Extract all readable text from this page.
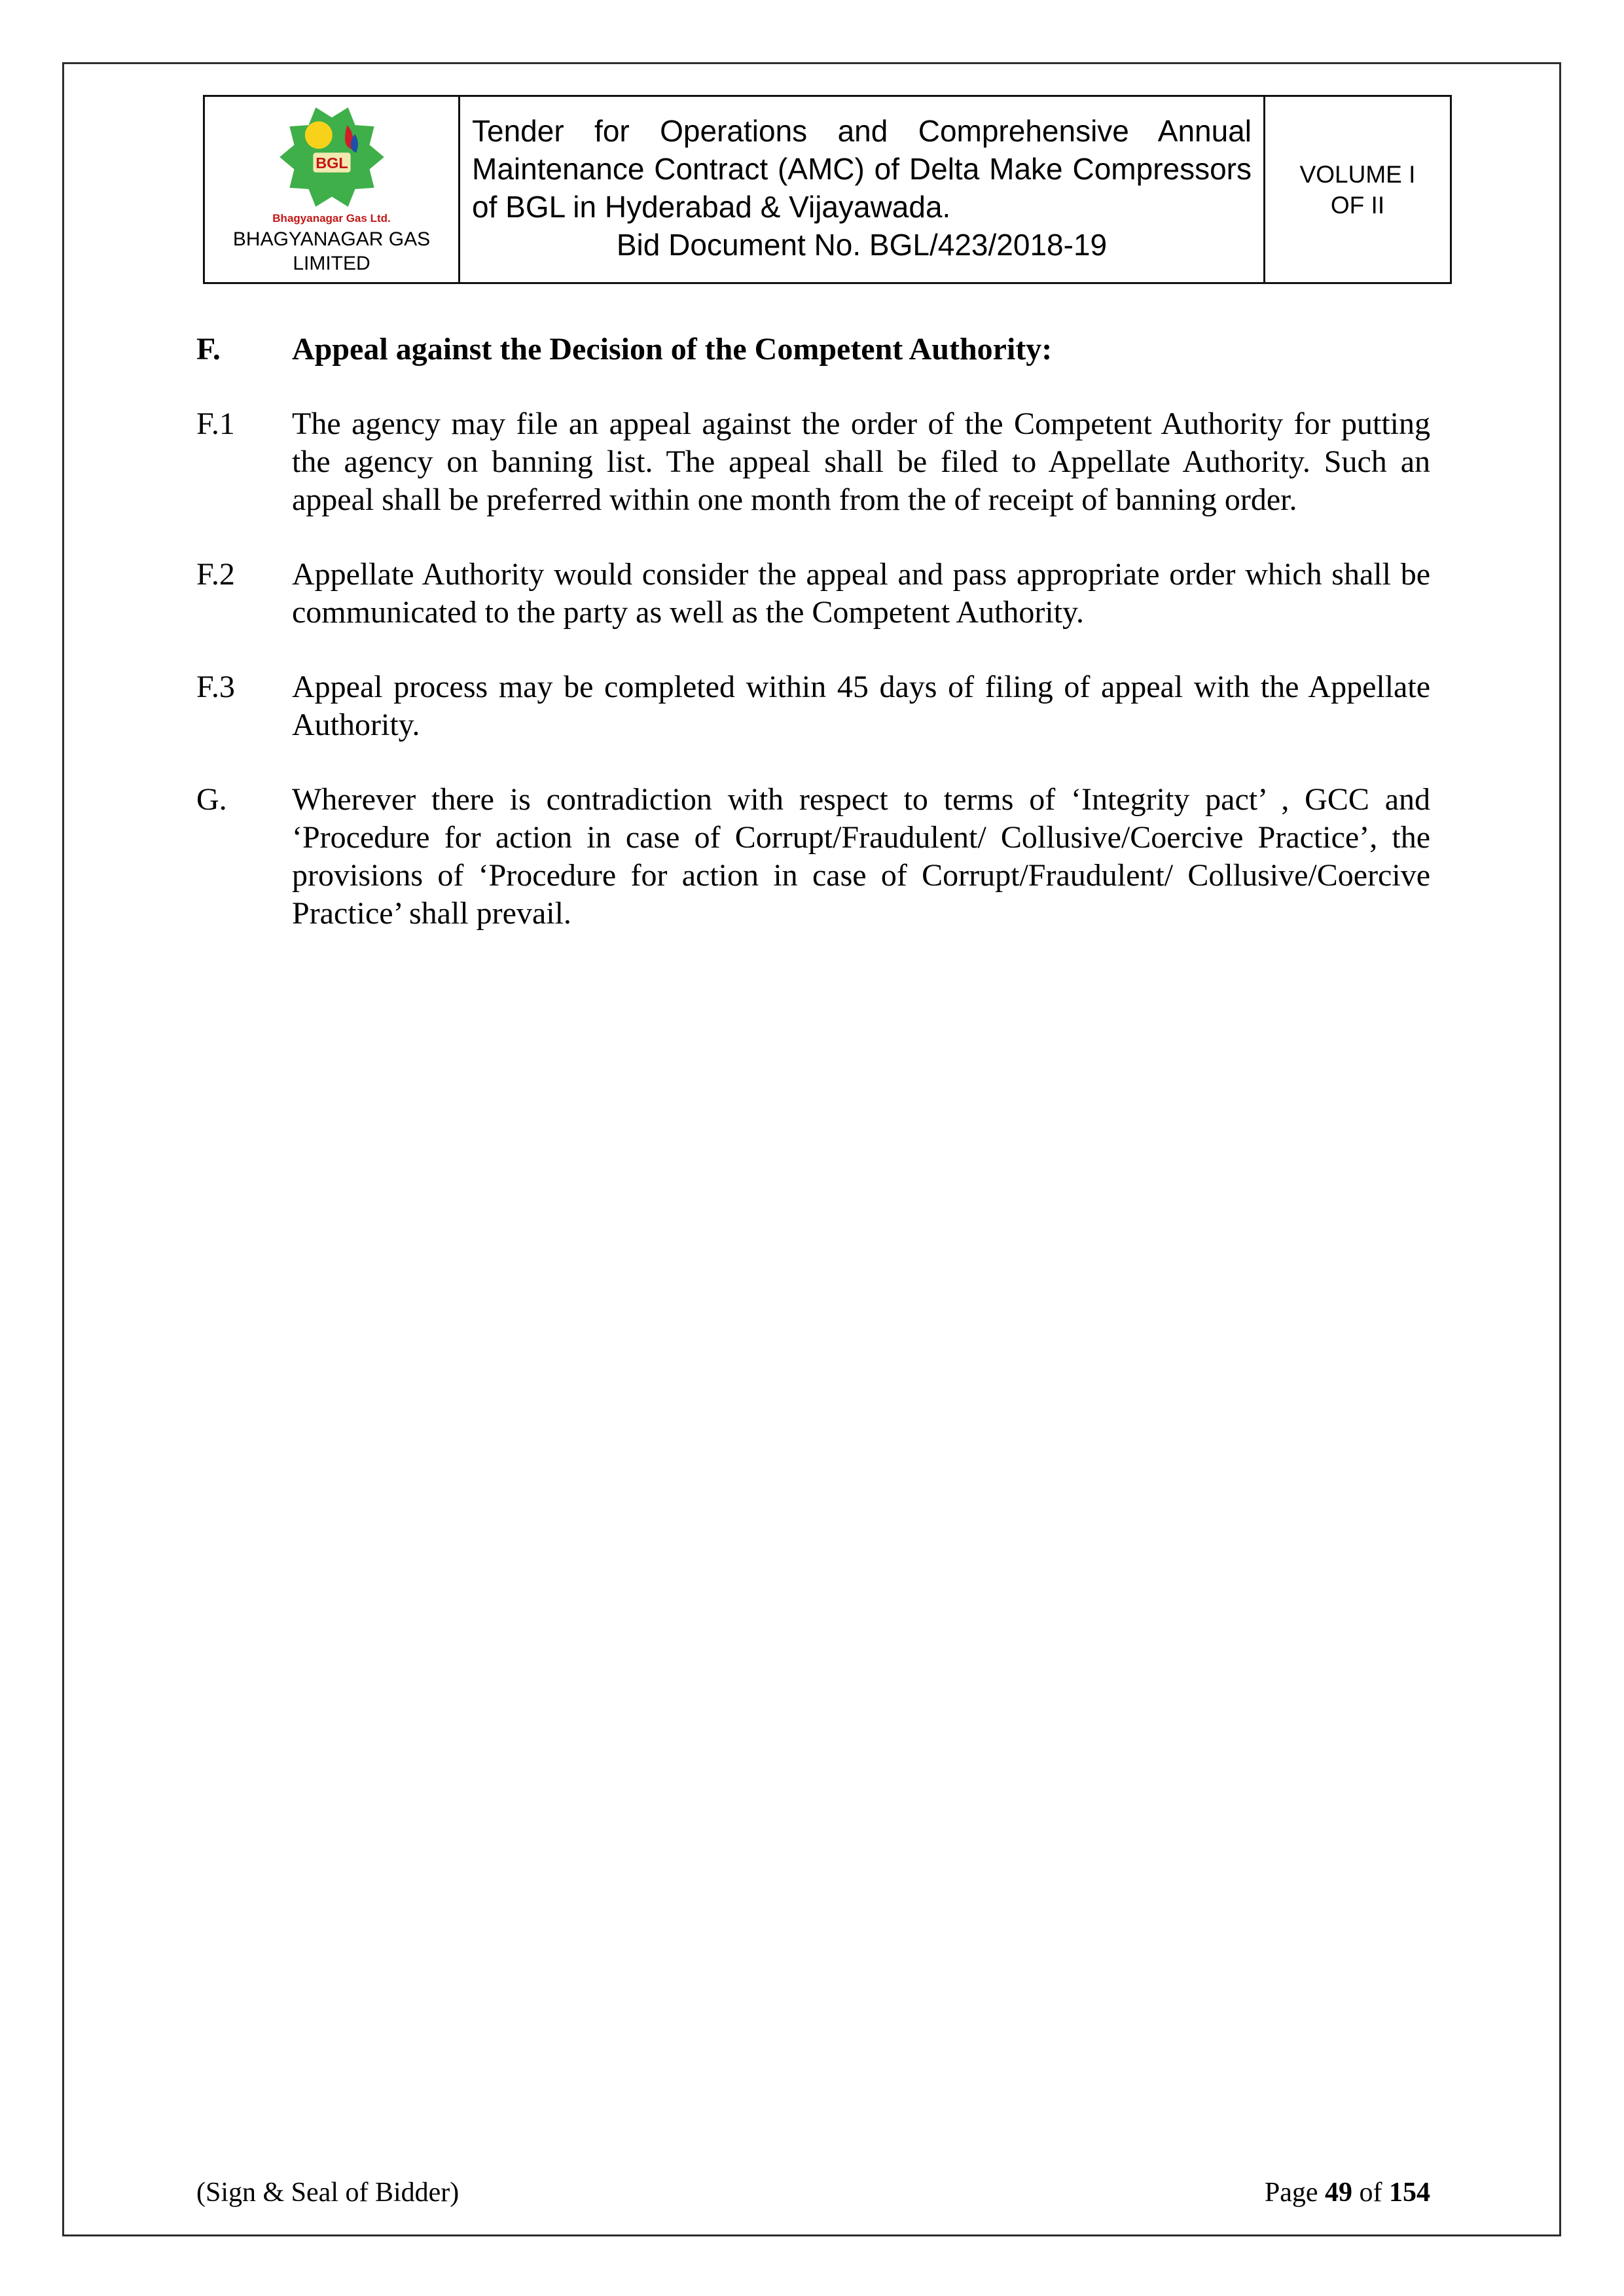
BGL
Bhagyanagar Gas Ltd.
BHAGYANAGAR GAS LIMITED

Tender for Operations and Comprehensive Annual Maintenance Contract (AMC) of Delta Make Compressors of BGL in Hyderabad & Vijayawada.
Bid Document No. BGL/423/2018-19

VOLUME I
OF II
F.	Appeal against the Decision of the Competent Authority:
F.1	The agency may file an appeal against the order of the Competent Authority for putting the agency on banning list. The appeal shall be filed to Appellate Authority. Such an appeal shall be preferred within one month from the of receipt of banning order.
F.2	Appellate Authority would consider the appeal and pass appropriate order which shall be communicated to the party as well as the Competent Authority.
F.3	Appeal process may be completed within 45 days of filing of appeal with the Appellate Authority.
G.	Wherever there is contradiction with respect to terms of ‘Integrity pact’ , GCC and ‘Procedure for action in case of Corrupt/Fraudulent/ Collusive/Coercive Practice’, the provisions of ‘Procedure for action in case of Corrupt/Fraudulent/ Collusive/Coercive Practice’ shall prevail.
(Sign & Seal of Bidder)	Page 49 of 154
